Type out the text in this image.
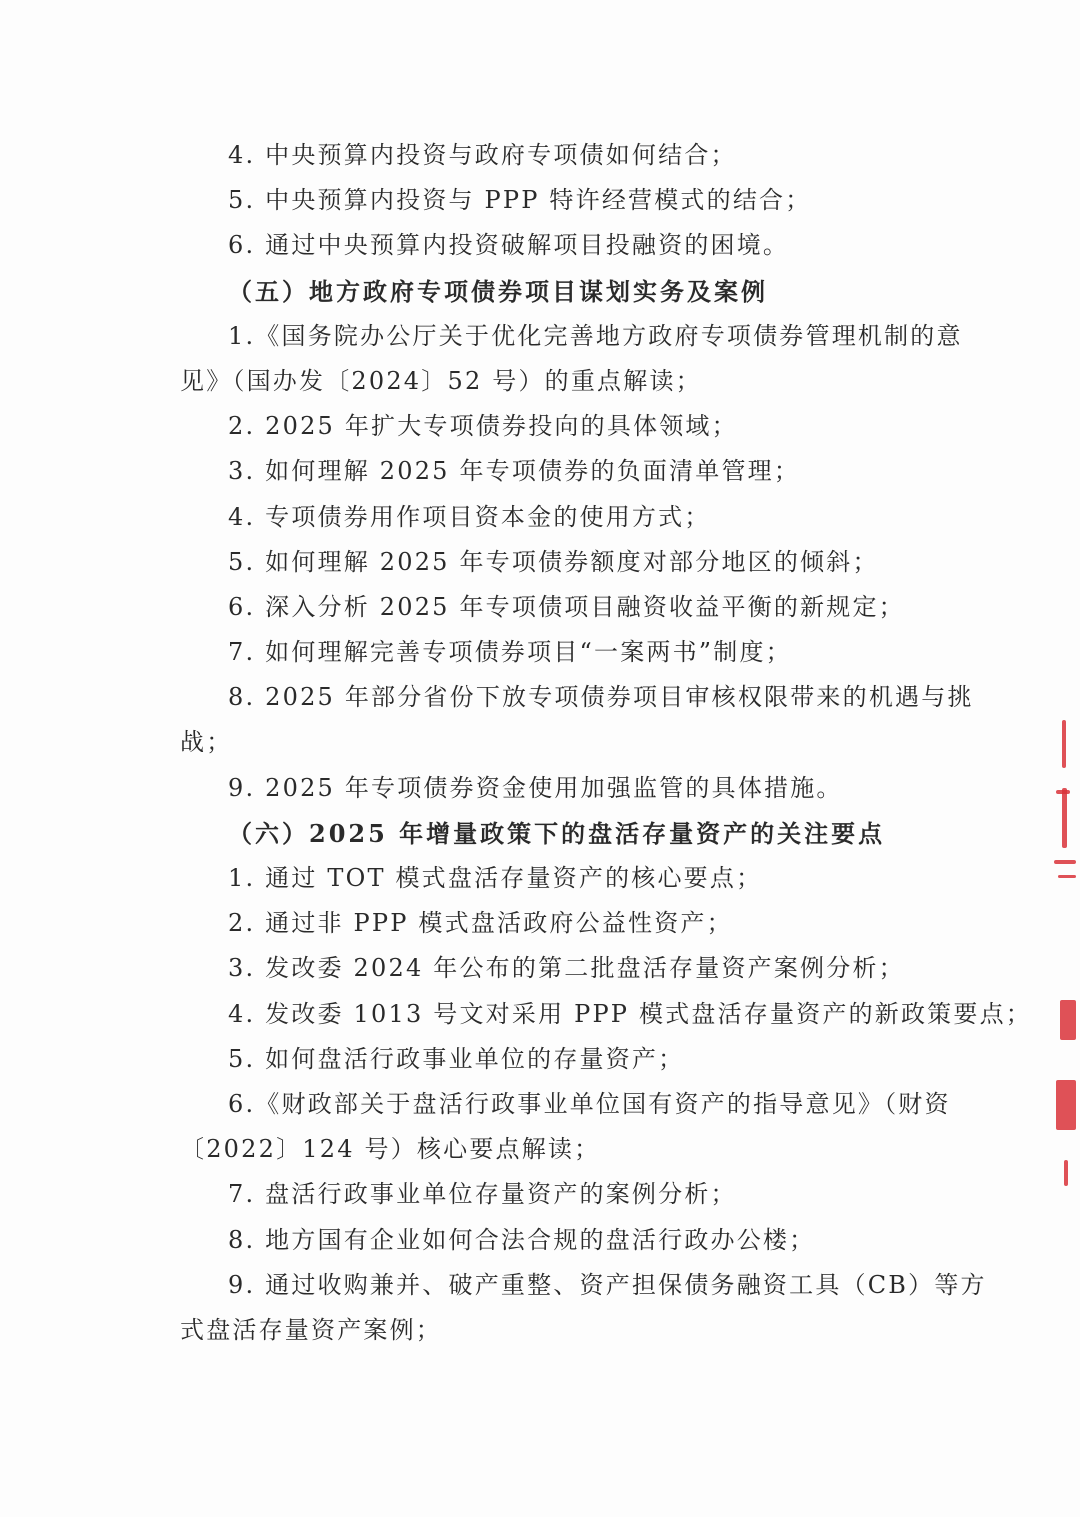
4. 中央预算内投资与政府专项债如何结合；
5. 中央预算内投资与 PPP 特许经营模式的结合；
6. 通过中央预算内投资破解项目投融资的困境。
（五）地方政府专项债券项目谋划实务及案例
1.《国务院办公厅关于优化完善地方政府专项债券管理机制的意
见》（国办发〔2024〕52 号）的重点解读；
2. 2025 年扩大专项债券投向的具体领域；
3. 如何理解 2025 年专项债券的负面清单管理；
4. 专项债券用作项目资本金的使用方式；
5. 如何理解 2025 年专项债券额度对部分地区的倾斜；
6. 深入分析 2025 年专项债项目融资收益平衡的新规定；
7. 如何理解完善专项债券项目“一案两书”制度；
8. 2025 年部分省份下放专项债券项目审核权限带来的机遇与挑
战；
9. 2025 年专项债券资金使用加强监管的具体措施。
（六）2025 年增量政策下的盘活存量资产的关注要点
1. 通过 TOT 模式盘活存量资产的核心要点；
2. 通过非 PPP 模式盘活政府公益性资产；
3. 发改委 2024 年公布的第二批盘活存量资产案例分析；
4. 发改委 1013 号文对采用 PPP 模式盘活存量资产的新政策要点；
5. 如何盘活行政事业单位的存量资产；
6.《财政部关于盘活行政事业单位国有资产的指导意见》（财资
〔2022〕124 号）核心要点解读；
7. 盘活行政事业单位存量资产的案例分析；
8. 地方国有企业如何合法合规的盘活行政办公楼；
9. 通过收购兼并、破产重整、资产担保债务融资工具（CB）等方
式盘活存量资产案例；
